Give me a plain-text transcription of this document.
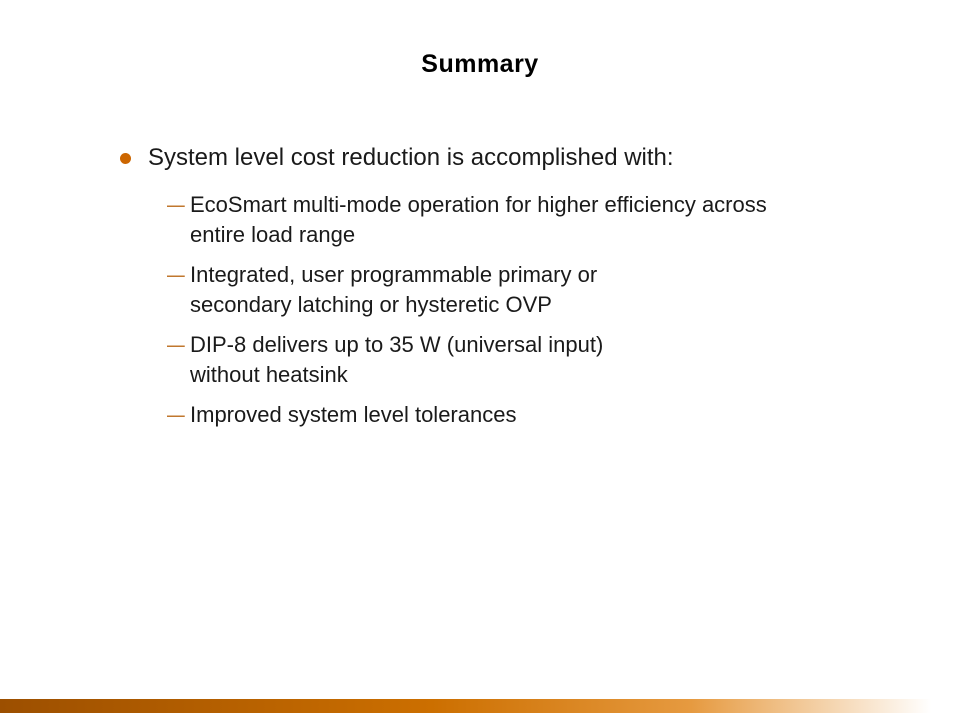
Summary
System level cost reduction is accomplished with:
– EcoSmart multi-mode operation for higher efficiency across
entire load range
– Integrated, user programmable primary or
secondary latching or hysteretic OVP
– DIP-8 delivers up to 35 W (universal input)
without heatsink
– Improved system level tolerances
